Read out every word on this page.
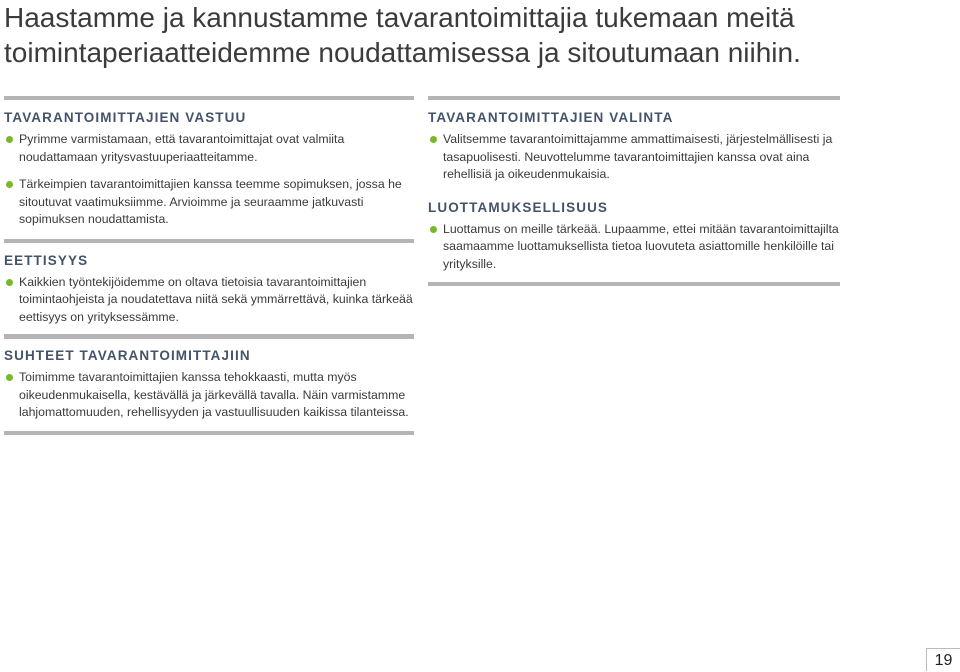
Haastamme ja kannustamme tavarantoimittajia tukemaan meitä toimintaperiaatteidemme noudattamisessa ja sitoutumaan niihin.
TAVARANTOIMITTAJIEN VASTUU
Pyrimme varmistamaan, että tavarantoimittajat ovat valmiita noudattamaan yritysvastuuperiaatteitamme.
Tärkeimpien tavarantoimittajien kanssa teemme sopimuksen, jossa he sitoutuvat vaatimuksiimme. Arvioimme ja seuraamme jatkuvasti sopimuksen noudattamista.
EETTISYYS
Kaikkien työntekijöidemme on oltava tietoisia tavarantoimittajien toimintaohjeista ja noudatettava niitä sekä ymmärrettävä, kuinka tärkeää eettisyys on yrityksessämme.
TAVARANTOIMITTAJIEN VALINTA
Valitsemme tavarantoimittajamme ammattimaisesti, järjestelmällisesti ja tasapuolisesti. Neuvottelumme tavarantoimittajien kanssa ovat aina rehellisiä ja oikeudenmukaisia.
LUOTTAMUKSELLISUUS
Luottamus on meille tärkeää. Lupaamme, ettei mitään tavarantoimittajilta saamaamme luottamuksellista tietoa luovuteta asiattomille henkilöille tai yrityksille.
SUHTEET TAVARANTOIMITTAJIIN
Toimimme tavarantoimittajien kanssa tehokkaasti, mutta myös oikeudenmukaisella, kestävällä ja järkevällä tavalla. Näin varmistamme lahjomattomuuden, rehellisyyden ja vastuullisuuden kaikissa tilanteissa.
19
